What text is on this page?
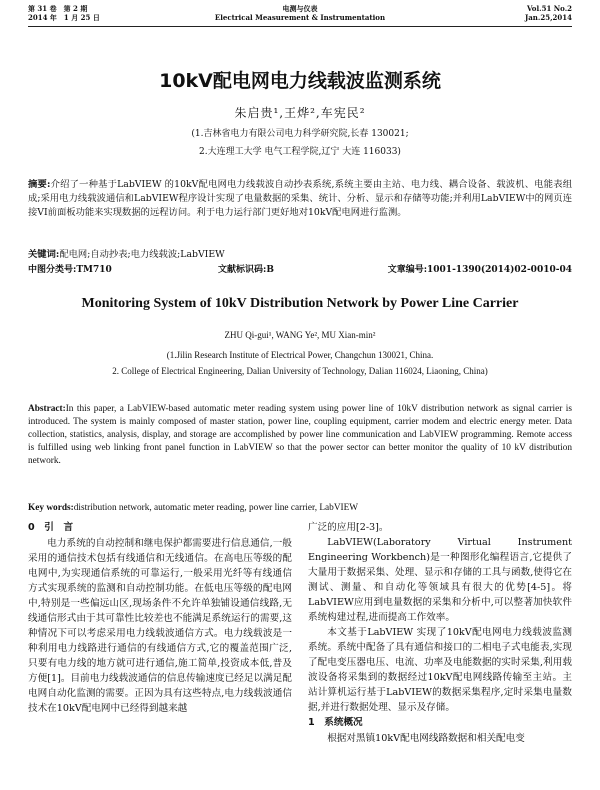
第 31 卷　第 2 期
2014 年　1 月 25 日
电测与仪表
Electrical Measurement & Instrumentation
Vol.51 No.2
Jan.25,2014
10kV配电网电力线载波监测系统
朱启贵¹,王烨²,车宪民²
(1.吉林省电力有限公司电力科学研究院,长春 130021;
2.大连理工大学 电气工程学院,辽宁 大连 116033)
摘要:介绍了一种基于LabVIEW 的10kV配电网电力线载波自动抄表系统,系统主要由主站、电力线、耦合设备、载波机、电能表组成;采用电力线载波通信和LabVIEW程序设计实现了电量数据的采集、统计、分析、显示和存储等功能;并利用LabVIEW中的网页连接VI前面板功能来实现数据的远程访问。利于电力运行部门更好地对10kV配电网进行监测。
关键词:配电网;自动抄表;电力线载波;LabVIEW
中图分类号:TM710	文献标识码:B	文章编号:1001-1390(2014)02-0010-04
Monitoring System of 10kV Distribution Network by Power Line Carrier
ZHU Qi-gui¹, WANG Ye², MU Xian-min²
(1.Jilin Research Institute of Electrical Power, Changchun 130021, China.
2. College of Electrical Engineering, Dalian University of Technology, Dalian 116024, Liaoning, China)
Abstract:In this paper, a LabVIEW-based automatic meter reading system using power line of 10kV distribution network as signal carrier is introduced. The system is mainly composed of master station, power line, coupling equipment, carrier modem and electric energy meter. Data collection, statistics, analysis, display, and storage are accomplished by power line communication and LabVIEW programming. Remote access is fulfilled using web linking front panel function in LabVIEW so that the power sector can better monitor the quality of 10 kV distribution network.
Key words:distribution network, automatic meter reading, power line carrier, LabVIEW
0　引　言

电力系统的自动控制和继电保护都需要进行信息通信,一般采用的通信技术包括有线通信和无线通信。在高电压等级的配电网中,为实现通信系统的可靠运行,一般采用光纤等有线通信方式实现系统的监测和自动控制功能。在低电压等级的配电网中,特别是一些偏远山区,现场条件不允许单独铺设通信线路,无线通信形式由于其可靠性比较差也不能满足系统运行的需要,这种情况下可以考虑采用电力线载波通信方式。电力线载波是一种利用电力线路进行通信的有线通信方式,它的覆盖范围广泛,只要有电力线的地方就可进行通信,施工简单,投资成本低,普及方便[1]。目前电力线载波通信的信息传输速度已经足以满足配电网自动化监测的需要。正因为具有这些特点,电力线载波通信技术在10kV配电网中已经得到越来越

广泛的应用[2-3]。

LabVIEW(Laboratory Virtual Instrument Engineering Workbench)是一种图形化编程语言,它提供了大量用于数据采集、处理、显示和存储的工具与函数,使得它在测试、测量、和自动化等领域具有很大的优势[4-5]。将LabVIEW应用到电量数据的采集和分析中,可以整著加快软件系统构建过程,进而提高工作效率。

本文基于LabVIEW 实现了10kV配电网电力线载波监测系统。系统中配备了具有通信和接口的二相电子式电能表,实现了配电变压器电压、电流、功率及电能数据的实时采集,利用载波设备将采集到的数据经过10kV配电网线路传输至主站。主站计算机运行基于LabVIEW的数据采集程序,定时采集电量数据,并进行数据处理、显示及存储。

1　系统概况

根据对黑镇10kV配电网线路数据和相关配电变
